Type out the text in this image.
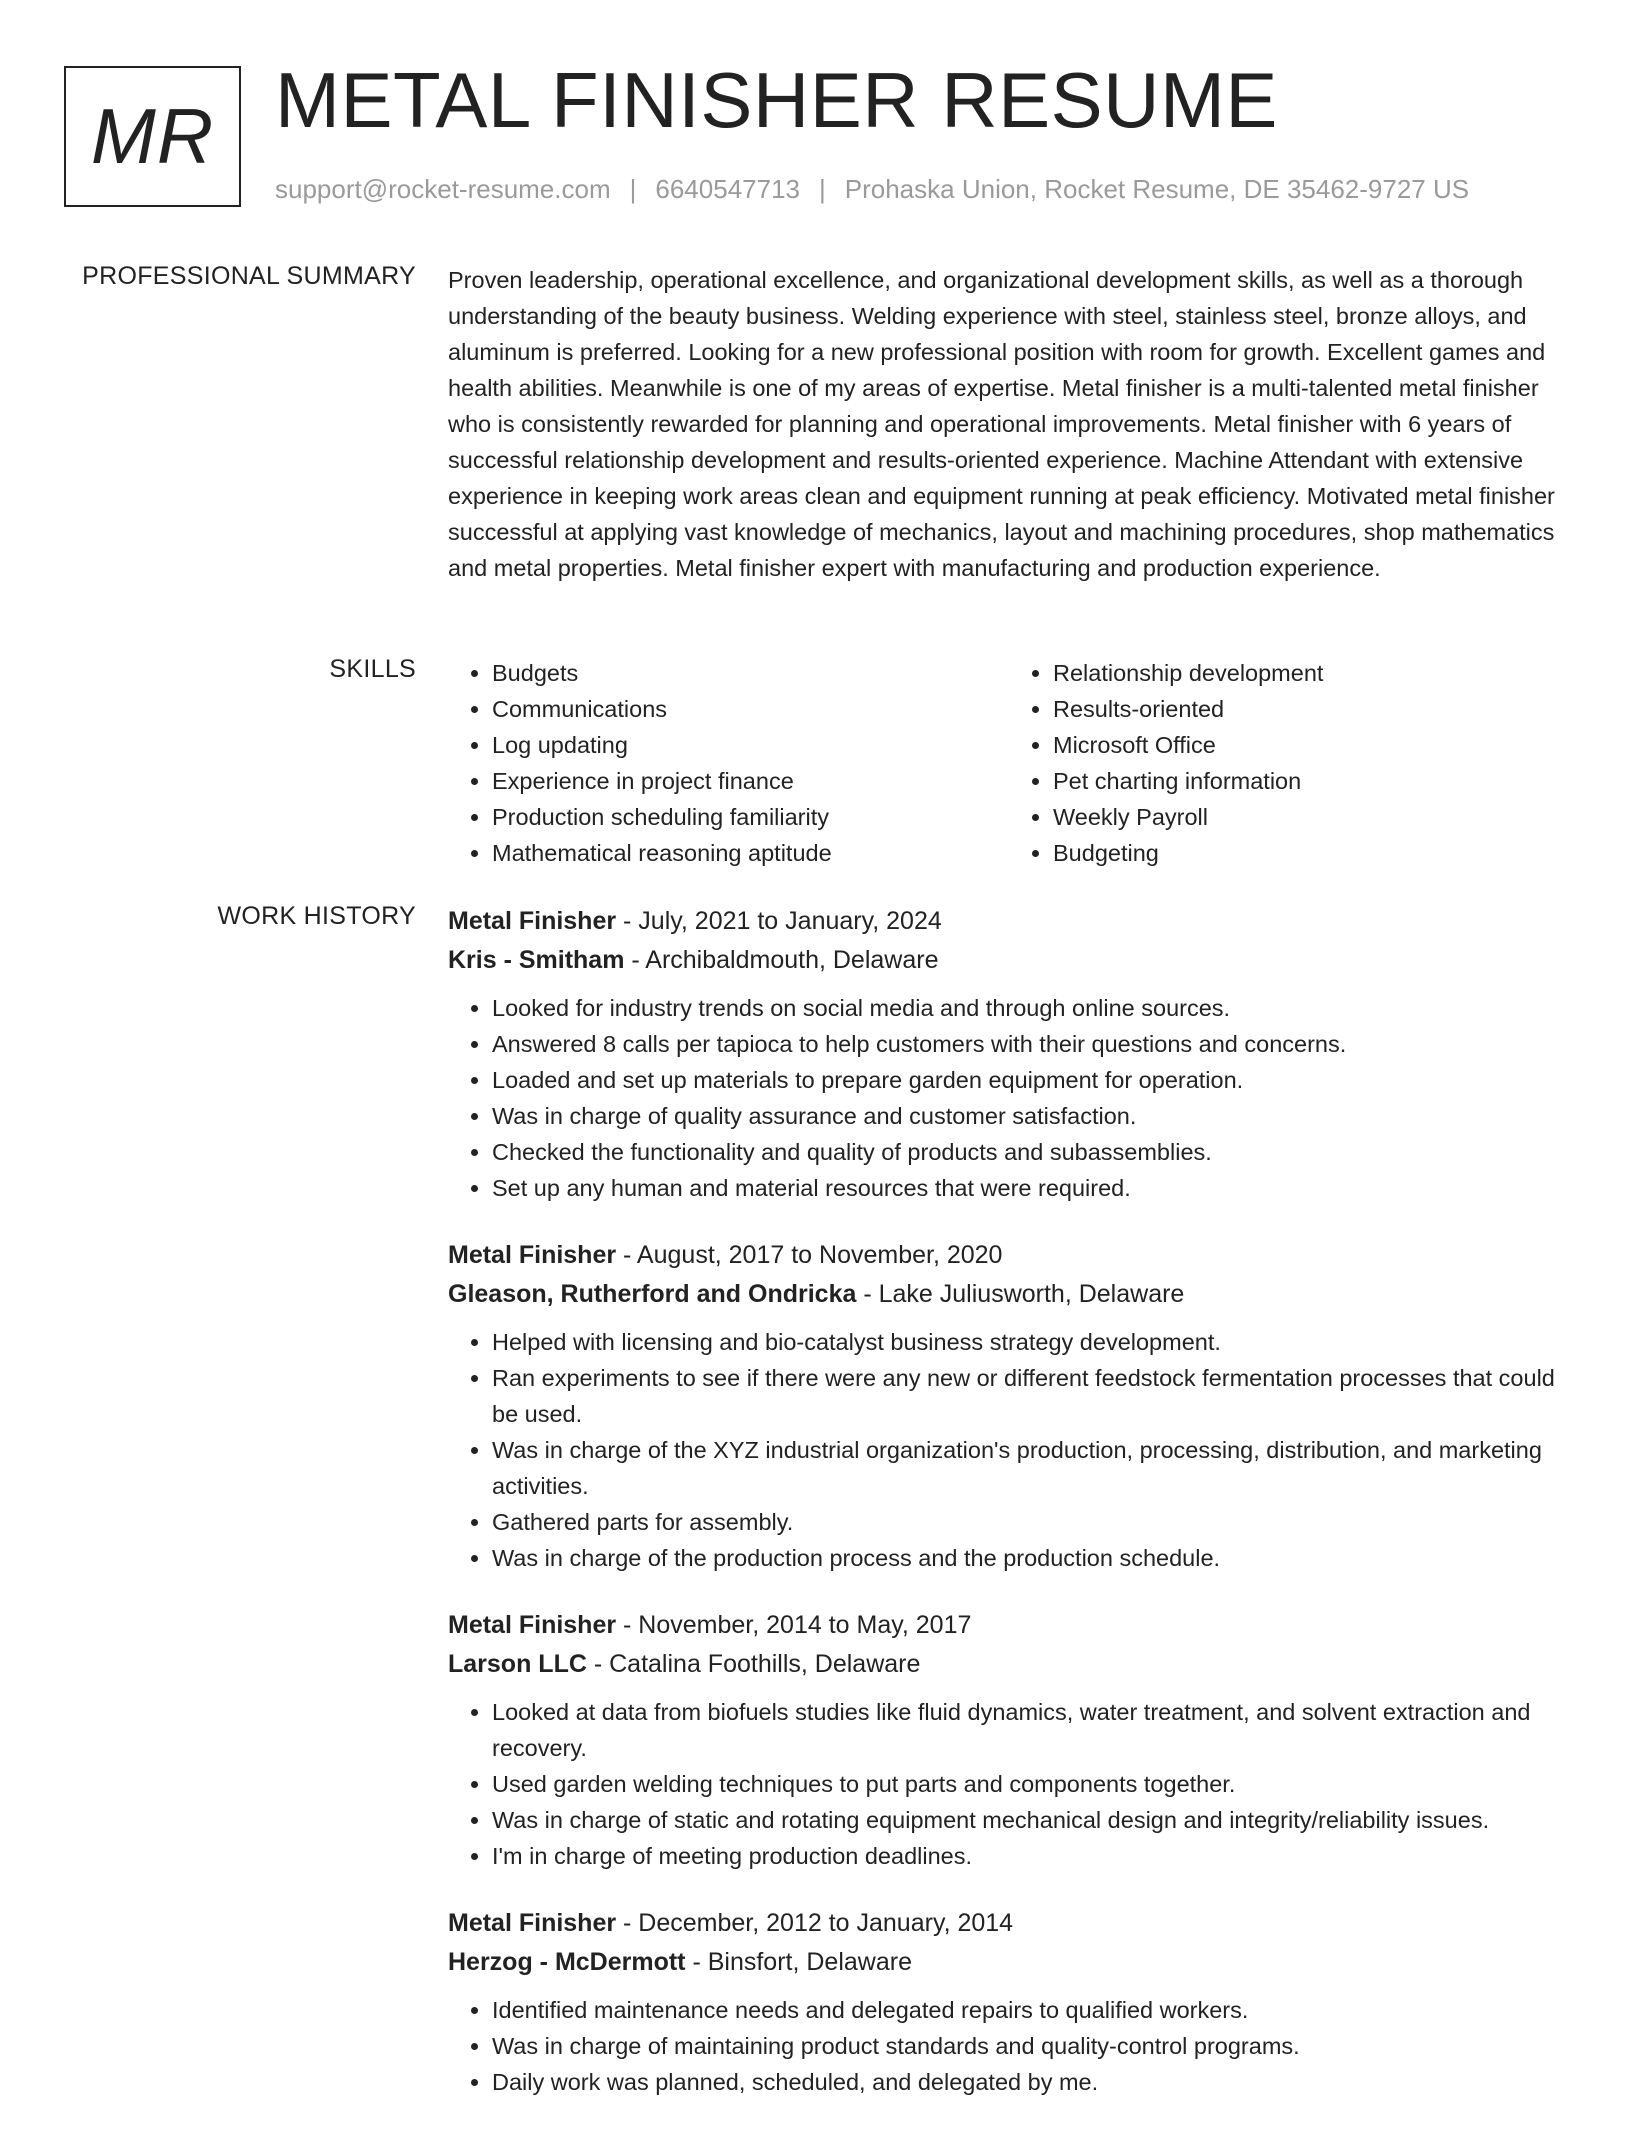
MR METAL FINISHER RESUME
support@rocket-resume.com | 6640547713 | Prohaska Union, Rocket Resume, DE 35462-9727 US
PROFESSIONAL SUMMARY Proven leadership, operational excellence, and organizational development skills, as well as a thorough understanding of the beauty business. Welding experience with steel, stainless steel, bronze alloys, and aluminum is preferred. Looking for a new professional position with room for growth. Excellent games and health abilities. Meanwhile is one of my areas of expertise. Metal finisher is a multi-talented metal finisher who is consistently rewarded for planning and operational improvements. Metal finisher with 6 years of successful relationship development and results-oriented experience. Machine Attendant with extensive experience in keeping work areas clean and equipment running at peak efficiency. Motivated metal finisher successful at applying vast knowledge of mechanics, layout and machining procedures, shop mathematics and metal properties. Metal finisher expert with manufacturing and production experience.

SKILLS
•	Budgets
• Communications
• Log updating
• Experience in project finance
• Production scheduling familiarity
• Mathematical reasoning aptitude
• Relationship development
• Results-oriented
• Microsoft Office
• Pet charting information
• Weekly Payroll
• Budgeting
WORK HISTORY Metal Finisher - July, 2021 to January, 2024
Kris - Smitham - Archibaldmouth, Delaware
• Looked for industry trends on social media and through online sources.
• Answered 8 calls per tapioca to help customers with their questions and concerns.
• Loaded and set up materials to prepare garden equipment for operation.
• Was in charge of quality assurance and customer satisfaction.
• Checked the functionality and quality of products and subassemblies.
• Set up any human and material resources that were required.
Metal Finisher - August, 2017 to November, 2020
Gleason, Rutherford and Ondricka - Lake Juliusworth, Delaware
• Helped with licensing and bio-catalyst business strategy development.
• Ran experiments to see if there were any new or different feedstock fermentation processes that could be used.
• Was in charge of the XYZ industrial organization's production, processing, distribution, and marketing activities.
• Gathered parts for assembly.
• Was in charge of the production process and the production schedule.
Metal Finisher - November, 2014 to May, 2017
Larson LLC - Catalina Foothills, Delaware
• Looked at data from biofuels studies like fluid dynamics, water treatment, and solvent extraction and recovery.
• Used garden welding techniques to put parts and components together.
• Was in charge of static and rotating equipment mechanical design and integrity/reliability issues.
• I'm in charge of meeting production deadlines.
Metal Finisher - December, 2012 to January, 2014
Herzog - McDermott - Binsfort, Delaware
• Identified maintenance needs and delegated repairs to qualified workers.
• Was in charge of maintaining product standards and quality-control programs.
• Daily work was planned, scheduled, and delegated by me.
